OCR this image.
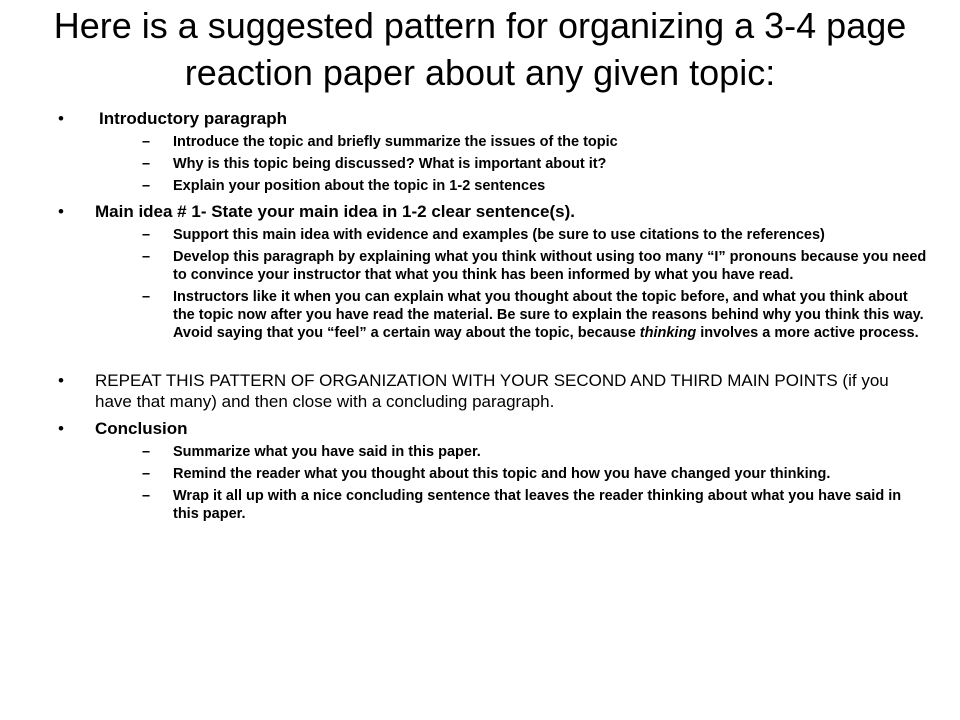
Here is a suggested pattern for organizing a 3-4 page reaction paper about any given topic:
• Introductory paragraph
– Introduce the topic and briefly summarize the issues of the topic
– Why is this topic being discussed? What is important about it?
– Explain your position about the topic in 1-2 sentences
• Main idea # 1- State your main idea in 1-2 clear sentence(s).
– Support this main idea with evidence and examples (be sure to use citations to the references)
– Develop this paragraph by explaining what you think without using too many “I” pronouns because you need to convince your instructor that what you think has been informed by what you have read.
– Instructors like it when you can explain what you thought about the topic before, and what you think about the topic now after you have read the material. Be sure to explain the reasons behind why you think this way. Avoid saying that you “feel” a certain way about the topic, because thinking involves a more active process.
• REPEAT THIS PATTERN OF ORGANIZATION WITH YOUR SECOND AND THIRD MAIN POINTS (if you have that many) and then close with a concluding paragraph.
• Conclusion
– Summarize what you have said in this paper.
– Remind the reader what you thought about this topic and how you have changed your thinking.
– Wrap it all up with a nice concluding sentence that leaves the reader thinking about what you have said in this paper.
